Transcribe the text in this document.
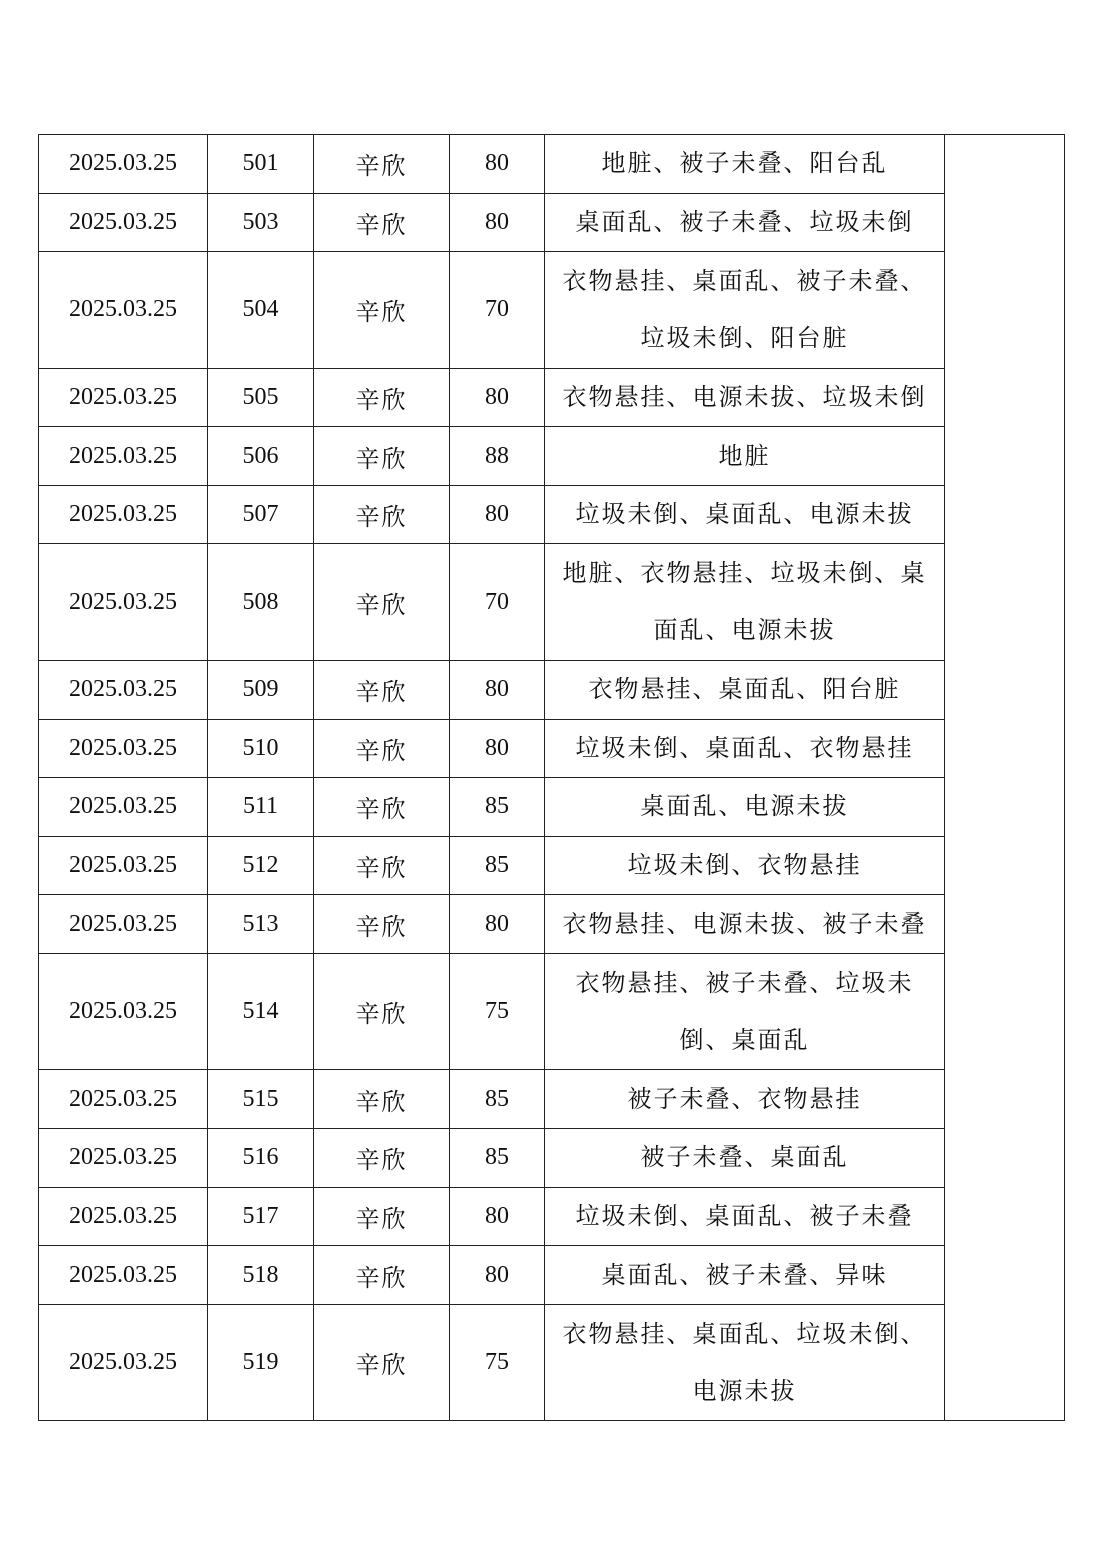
2025.03.25	501	辛欣	80	地脏、被子未叠、阳台乱	
2025.03.25	503	辛欣	80	桌面乱、被子未叠、垃圾未倒	
2025.03.25	504	辛欣	70	衣物悬挂、桌面乱、被子未叠、垃圾未倒、阳台脏	
2025.03.25	505	辛欣	80	衣物悬挂、电源未拔、垃圾未倒	
2025.03.25	506	辛欣	88	地脏	
2025.03.25	507	辛欣	80	垃圾未倒、桌面乱、电源未拔	
2025.03.25	508	辛欣	70	地脏、衣物悬挂、垃圾未倒、桌面乱、电源未拔	
2025.03.25	509	辛欣	80	衣物悬挂、桌面乱、阳台脏	
2025.03.25	510	辛欣	80	垃圾未倒、桌面乱、衣物悬挂	
2025.03.25	511	辛欣	85	桌面乱、电源未拔	
2025.03.25	512	辛欣	85	垃圾未倒、衣物悬挂	
2025.03.25	513	辛欣	80	衣物悬挂、电源未拔、被子未叠	
2025.03.25	514	辛欣	75	衣物悬挂、被子未叠、垃圾未倒、桌面乱	
2025.03.25	515	辛欣	85	被子未叠、衣物悬挂	
2025.03.25	516	辛欣	85	被子未叠、桌面乱	
2025.03.25	517	辛欣	80	垃圾未倒、桌面乱、被子未叠	
2025.03.25	518	辛欣	80	桌面乱、被子未叠、异味	
2025.03.25	519	辛欣	75	衣物悬挂、桌面乱、垃圾未倒、电源未拔	
